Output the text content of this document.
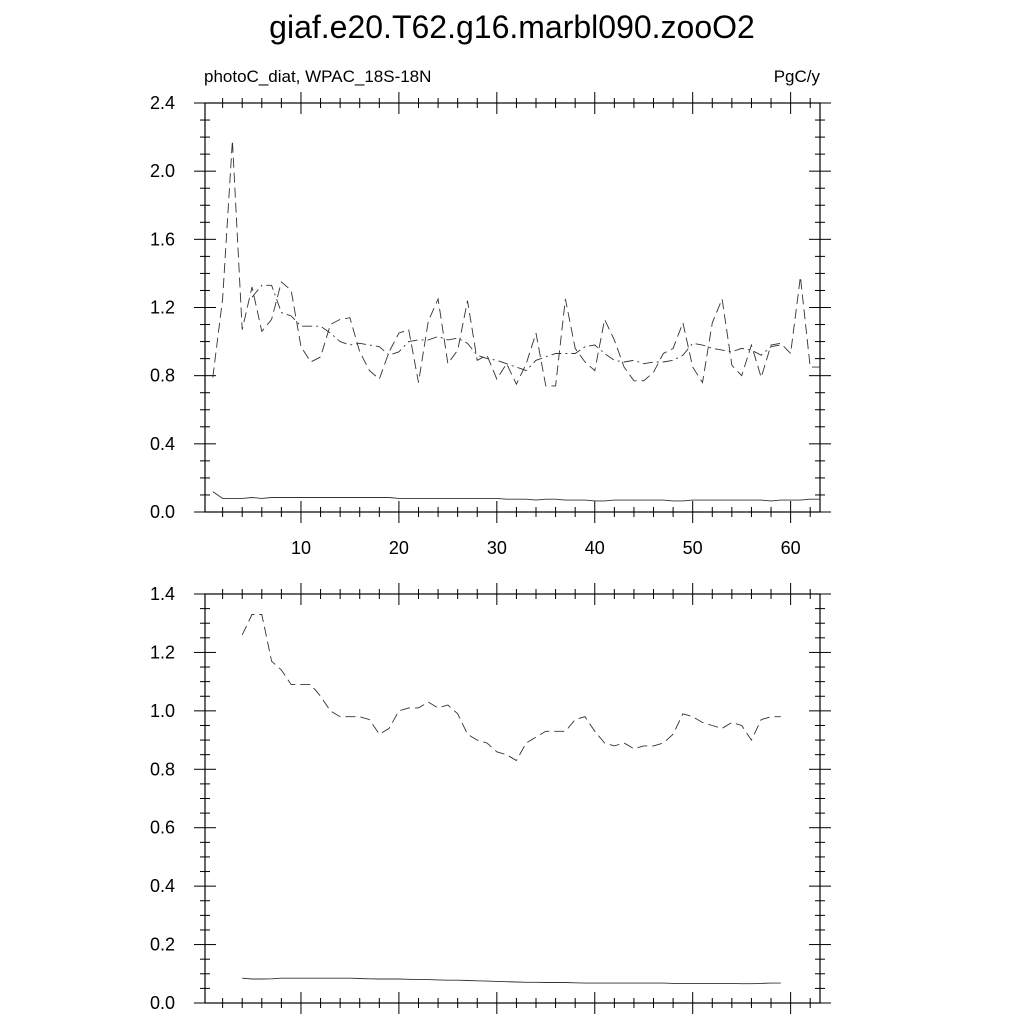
giaf.e20.T62.g16.marbl090.zooO2
photoC_diat, WPAC_18S-18N	PgC/y
0.0
0.4
0.8
1.2
1.6
2.0
2.4
10	20	30	40	50	60
0.0
0.2
0.4
0.6
0.8
1.0
1.2
1.4
